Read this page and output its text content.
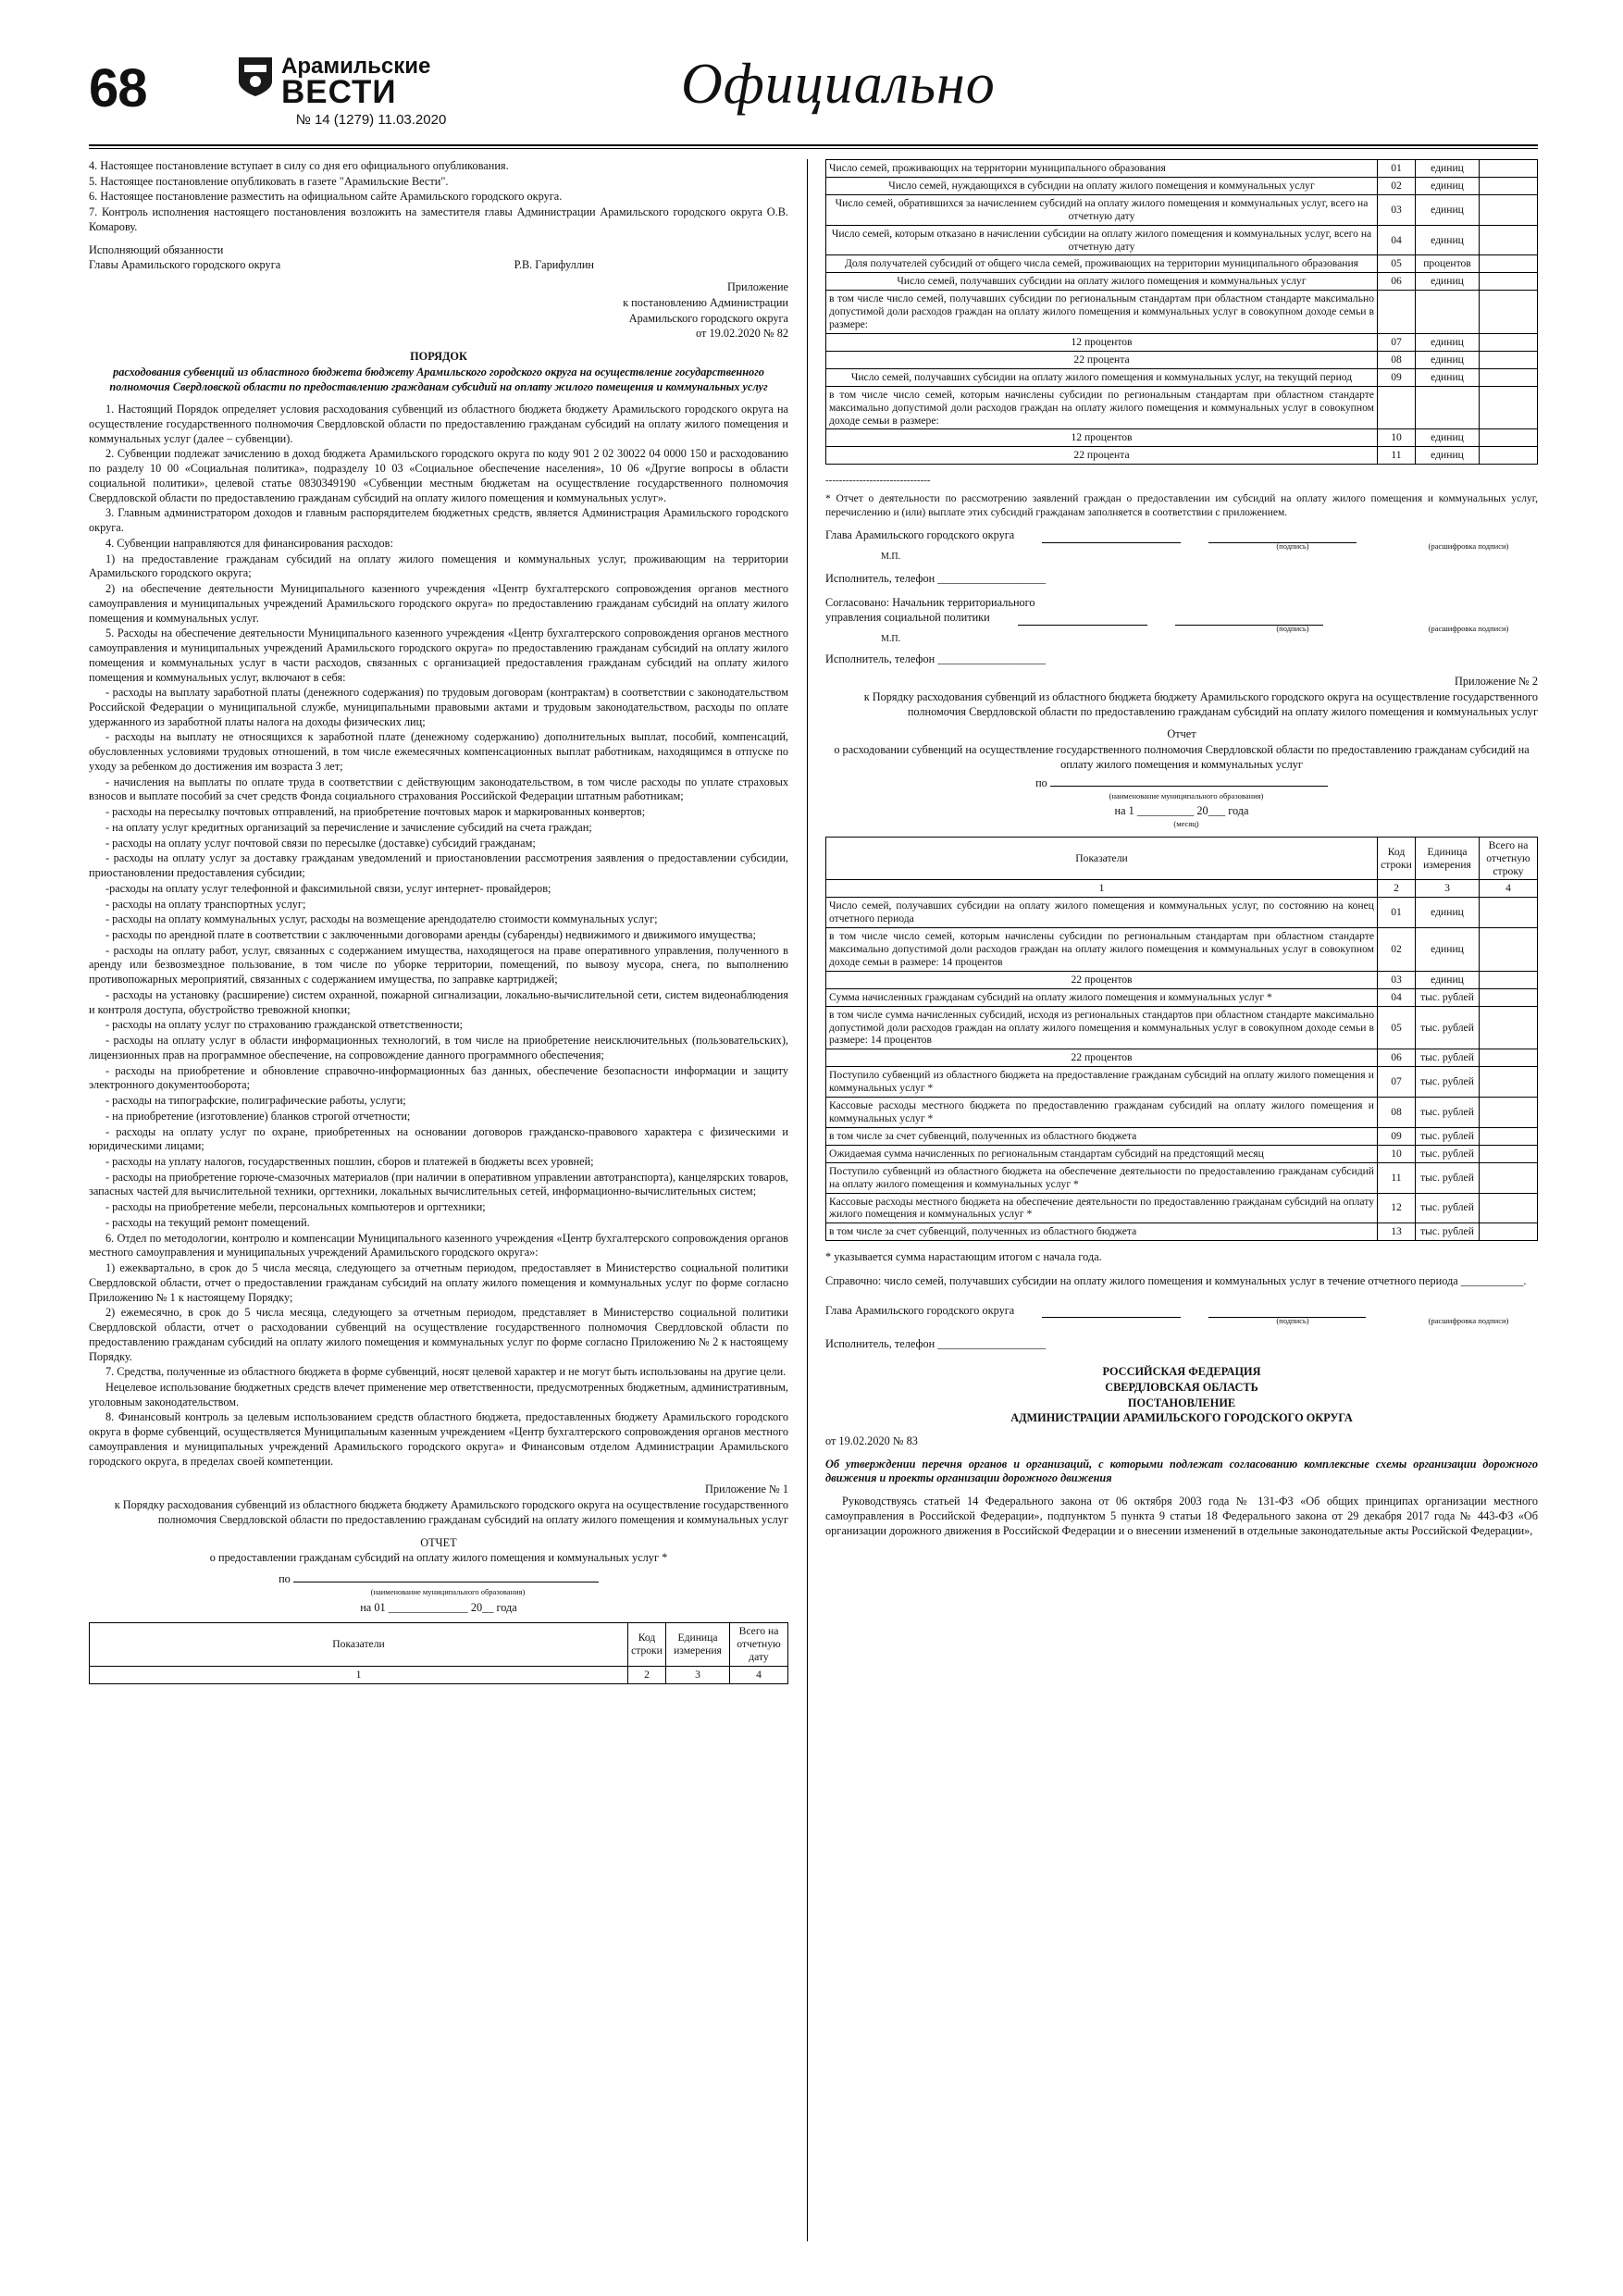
68	Арамильские
ВЕСТИ
№ 14 (1279) 11.03.2020
Официально

4. Настоящее постановление вступает в силу со дня его официального опубликования.

5. Настоящее постановление опубликовать в газете "Арамильские Вести".

6. Настоящее постановление разместить на официальном сайте Арамильского городского округа.

7. Контроль исполнения настоящего постановления возложить на заместителя главы Администрации Арамильского городского округа О.В. Комарову.

Исполняющий обязанности

Главы Арамильского городского округа	Р.В. Гарифуллин

Приложение

к постановлению Администрации

Арамильского городского округа

от 19.02.2020 № 82

ПОРЯДОК

расходования субвенций из областного бюджета бюджету Арамильского городского округа на осуществление государственного полномочия Свердловской области по предоставлению гражданам субсидий на оплату жилого помещения и коммунальных услуг

1. Настоящий Порядок определяет условия расходования субвенций из областного бюджета бюджету Арамильского городского округа на осуществление государственного полномочия Свердловской области по предоставлению гражданам субсидий на оплату жилого помещения и коммунальных услуг (далее – субвенции).

2. Субвенции подлежат зачислению в доход бюджета Арамильского городского округа по коду 901 2 02 30022 04 0000 150 и расходованию по разделу 10 00 «Социальная политика», подразделу 10 03 «Социальное обеспечение населения», 10 06 «Другие вопросы в области социальной политики», целевой статье 0830349190 «Субвенции местным бюджетам на осуществление государственного полномочия Свердловской области по предоставлению гражданам субсидий на оплату жилого помещения и коммунальных услуг».

3. Главным администратором доходов и главным распорядителем бюджетных средств, является Администрация Арамильского городского округа.

4. Субвенции направляются для финансирования расходов:

1) на предоставление гражданам субсидий на оплату жилого помещения и коммунальных услуг, проживающим на территории Арамильского городского округа;

2) на обеспечение деятельности Муниципального казенного учреждения «Центр бухгалтерского сопровождения органов местного самоуправления и муниципальных учреждений Арамильского городского округа» по предоставлению гражданам субсидий на оплату жилого помещения и коммунальных услуг.

5. Расходы на обеспечение деятельности Муниципального казенного учреждения «Центр бухгалтерского сопровождения органов местного самоуправления и муниципальных учреждений Арамильского городского округа» по предоставлению гражданам субсидий на оплату жилого помещения и коммунальных услуг в части расходов, связанных с организацией предоставления гражданам субсидий на оплату жилого помещения и коммунальных услуг, включают в себя:

- расходы на выплату заработной платы (денежного содержания) по трудовым договорам (контрактам) в соответствии с законодательством Российской Федерации о муниципальной службе, муниципальными правовыми актами и трудовым законодательством, расходы по оплате удержанного из заработной платы налога на доходы физических лиц;

- расходы на выплату не относящихся к заработной плате (денежному содержанию) дополнительных выплат, пособий, компенсаций, обусловленных условиями трудовых отношений, в том числе ежемесячных компенсационных выплат работникам, находящимся в отпуске по уходу за ребенком до достижения им возраста 3 лет;

- начисления на выплаты по оплате труда в соответствии с действующим законодательством, в том числе расходы по уплате страховых взносов и выплате пособий за счет средств Фонда социального страхования Российской Федерации штатным работникам;

- расходы на пересылку почтовых отправлений, на приобретение почтовых марок и маркированных конвертов;

- на оплату услуг кредитных организаций за перечисление и зачисление субсидий на счета граждан;

- расходы на оплату услуг почтовой связи по пересылке (доставке) субсидий гражданам;

- расходы на оплату услуг за доставку гражданам уведомлений и приостановлении рассмотрения заявления о предоставлении субсидии, приостановлении предоставления субсидии;

-расходы на оплату услуг телефонной и факсимильной связи, услуг интернет- провайдеров;

- расходы на оплату транспортных услуг;

- расходы на оплату коммунальных услуг, расходы на возмещение арендодателю стоимости коммунальных услуг;

- расходы по арендной плате в соответствии с заключенными договорами аренды (субаренды) недвижимого и движимого имущества;

- расходы на оплату работ, услуг, связанных с содержанием имущества, находящегося на праве оперативного управления, полученного в аренду или безвозмездное пользование, в том числе по уборке территории, помещений, по вывозу мусора, снега, по выполнению противопожарных мероприятий, связанных с содержанием имущества, по заправке картриджей;

- расходы на установку (расширение) систем охранной, пожарной сигнализации, локально-вычислительной сети, систем видеонаблюдения и контроля доступа, обустройство тревожной кнопки;

- расходы на оплату услуг по страхованию гражданской ответственности;

- расходы на оплату услуг в области информационных технологий, в том числе на приобретение неисключительных (пользовательских), лицензионных прав на программное обеспечение, на сопровождение данного программного обеспечения;

- расходы на приобретение и обновление справочно-информационных баз данных, обеспечение безопасности информации и защиту электронного документооборота;

- расходы на типографские, полиграфические работы, услуги;

- на приобретение (изготовление) бланков строгой отчетности;

- расходы на оплату услуг по охране, приобретенных на основании договоров гражданско-правового характера с физическими и юридическими лицами;

- расходы на уплату налогов, государственных пошлин, сборов и платежей в бюджеты всех уровней;

- расходы на приобретение горюче-смазочных материалов (при наличии в оперативном управлении автотранспорта), канцелярских товаров, запасных частей для вычислительной техники, оргтехники, локальных вычислительных сетей, информационно-вычислительных систем;

- расходы на приобретение мебели, персональных компьютеров и оргтехники;

- расходы на текущий ремонт помещений.

6. Отдел по методологии, контролю и компенсации Муниципального казенного учреждения «Центр бухгалтерского сопровождения органов местного самоуправления и муниципальных учреждений Арамильского городского округа»:

1) ежеквартально, в срок до 5 числа месяца, следующего за отчетным периодом, предоставляет в Министерство социальной политики Свердловской области, отчет о предоставлении гражданам субсидий на оплату жилого помещения и коммунальных услуг по форме согласно Приложению № 1 к настоящему Порядку;

2) ежемесячно, в срок до 5 числа месяца, следующего за отчетным периодом, представляет в Министерство социальной политики Свердловской области, отчет о расходовании субвенций на осуществление государственного полномочия Свердловской области по предоставлению гражданам субсидий на оплату жилого помещения и коммунальных услуг по форме согласно Приложению № 2 к настоящему Порядку.

7. Средства, полученные из областного бюджета в форме субвенций, носят целевой характер и не могут быть использованы на другие цели.

Нецелевое использование бюджетных средств влечет применение мер ответственности, предусмотренных бюджетным, административным, уголовным законодательством.

8. Финансовый контроль за целевым использованием средств областного бюджета, предоставленных бюджету Арамильского городского округа в форме субвенций, осуществляется Муниципальным казенным учреждением «Центр бухгалтерского сопровождения органов местного самоуправления и муниципальных учреждений Арамильского городского округа» и Финансовым отделом Администрации Арамильского городского округа, в пределах своей компетенции.

Приложение № 1

к Порядку расходования субвенций из областного бюджета бюджету Арамильского городского округа на осуществление государственного полномочия Свердловской области по предоставлению гражданам субсидий на оплату жилого помещения и коммунальных услуг

ОТЧЕТ

о предоставлении гражданам субсидий на оплату жилого помещения и коммунальных услуг *

по
(наименование муниципального образования)
на 01 ______________ 20__ года
Показатели	Код строки	Единица измерения	Всего на отчетную дату
1	2	3	4
Число семей, проживающих на территории муниципального образования	01	единиц	
Число семей, нуждающихся в субсидии на оплату жилого помещения и коммунальных услуг	02	единиц	
Число семей, обратившихся за начислением субсидий на оплату жилого помещения и коммунальных услуг, всего на отчетную дату	03	единиц	
Число семей, которым отказано в начислении субсидии на оплату жилого помещения и коммунальных услуг, всего на отчетную дату	04	единиц	
Доля получателей субсидий от общего числа семей, проживающих на территории муниципального образования	05	процентов	
Число семей, получавших субсидии на оплату жилого помещения и коммунальных услуг	06	единиц	
в том числе число семей, получавших субсидии по региональным стандартам при областном стандарте максимально допустимой доли расходов граждан на оплату жилого помещения и коммунальных услуг в совокупном доходе семьи в размере:			
12 процентов	07	единиц	
22 процента	08	единиц	
Число семей, получавших субсидии на оплату жилого помещения и коммунальных услуг, на текущий период	09	единиц	
в том числе число семей, которым начислены субсидии по региональным стандартам при областном стандарте максимально допустимой доли расходов граждан на оплату жилого помещения и коммунальных услуг в совокупном доходе семьи в размере:			
12 процентов	10	единиц	
22 процента	11	единиц	
-------------------------------

* Отчет о деятельности по рассмотрению заявлений граждан о предоставлении им субсидий на оплату жилого помещения и коммунальных услуг, перечислению и (или) выплате этих субсидий гражданам заполняется в соответствии с приложением.

Глава Арамильского городского округа
(подпись)	(расшифровка подписи)
М.П.
Исполнитель, телефон ___________________
Согласовано: Начальник территориального
управления социальной политики
(подпись)	(расшифровка подписи)
М.П.
Исполнитель, телефон ___________________

Приложение № 2

к Порядку расходования субвенций из областного бюджета бюджету Арамильского городского округа на осуществление государственного полномочия Свердловской области по предоставлению гражданам субсидий на оплату жилого помещения и коммунальных услуг

Отчет

о расходовании субвенций на осуществление государственного полномочия Свердловской области по предоставлению гражданам субсидий на оплату жилого помещения и коммунальных услуг

по
(наименование муниципального образования)
на 1 __________ 20___ года
(месяц)
Показатели	Код строки	Единица измерения	Всего на отчетную строку
1	2	3	4
Число семей, получавших субсидии на оплату жилого помещения и коммунальных услуг, по состоянию на конец отчетного периода	01	единиц	
в том числе число семей, которым начислены субсидии по региональным стандартам при областном стандарте максимально допустимой доли расходов граждан на оплату жилого помещения и коммунальных услуг в совокупном доходе семьи в размере: 14 процентов	02	единиц	
22 процентов	03	единиц	
Сумма начисленных гражданам субсидий на оплату жилого помещения и коммунальных услуг *	04	тыс. рублей	
в том числе сумма начисленных субсидий, исходя из региональных стандартов при областном стандарте максимально допустимой доли расходов граждан на оплату жилого помещения и коммунальных услуг в совокупном доходе семьи в размере: 14 процентов	05	тыс. рублей	
22 процентов	06	тыс. рублей	
Поступило субвенций из областного бюджета на предоставление гражданам субсидий на оплату жилого помещения и коммунальных услуг *	07	тыс. рублей	
Кассовые расходы местного бюджета по предоставлению гражданам субсидий на оплату жилого помещения и коммунальных услуг *	08	тыс. рублей	
в том числе за счет субвенций, полученных из областного бюджета	09	тыс. рублей	
Ожидаемая сумма начисленных по региональным стандартам субсидий на предстоящий месяц	10	тыс. рублей	
Поступило субвенций из областного бюджета на обеспечение деятельности по предоставлению гражданам субсидий на оплату жилого помещения и коммунальных услуг *	11	тыс. рублей	
Кассовые расходы местного бюджета на обеспечение деятельности по предоставлению гражданам субсидий на оплату жилого помещения и коммунальных услуг *	12	тыс. рублей	
в том числе за счет субвенций, полученных из областного бюджета	13	тыс. рублей	

* указывается сумма нарастающим итогом с начала года.

Справочно: число семей, получавших субсидии на оплату жилого помещения и коммунальных услуг в течение отчетного периода ___________.

Глава Арамильского городского округа
(подпись)	(расшифровка подписи)
Исполнитель, телефон ___________________

РОССИЙСКАЯ ФЕДЕРАЦИЯ

СВЕРДЛОВСКАЯ ОБЛАСТЬ

ПОСТАНОВЛЕНИЕ

АДМИНИСТРАЦИИ АРАМИЛЬСКОГО ГОРОДСКОГО ОКРУГА

от 19.02.2020 № 83

Об утверждении перечня органов и организаций, с которыми подлежат согласованию комплексные схемы организации дорожного движения и проекты организации дорожного движения

Руководствуясь статьей 14 Федерального закона от 06 октября 2003 года № 131-ФЗ «Об общих принципах организации местного самоуправления в Российской Федерации», подпунктом 5 пункта 9 статьи 18 Федерального закона от 29 декабря 2017 года № 443-ФЗ «Об организации дорожного движения в Российской Федерации и о внесении изменений в отдельные законодательные акты Российской Федерации»,
